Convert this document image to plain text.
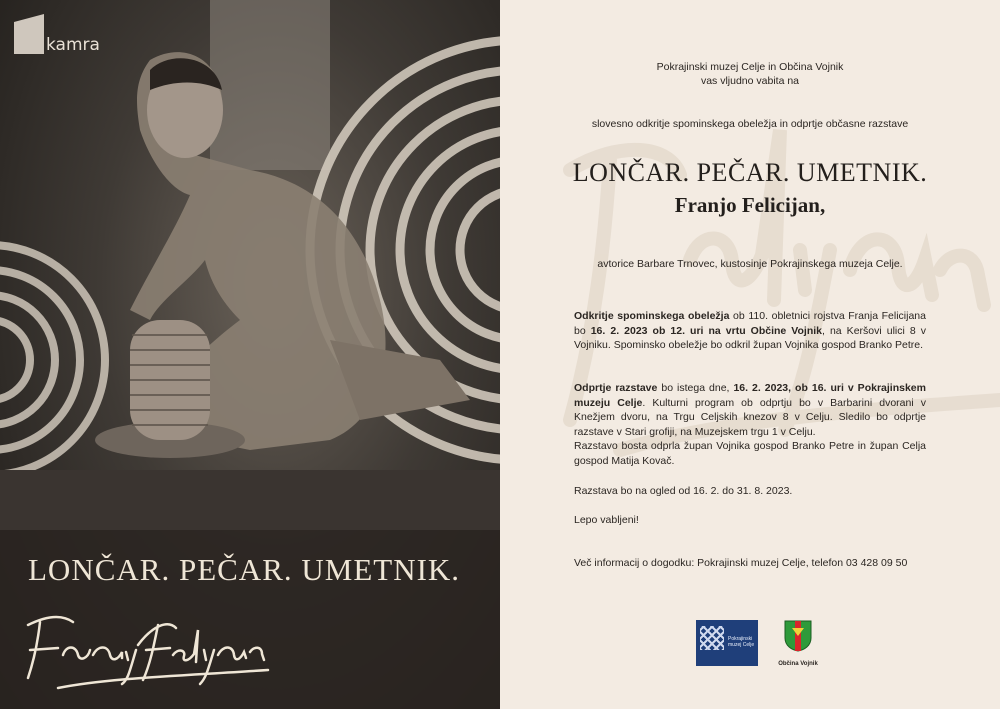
kamra
LONČAR. PEČAR. UMETNIK.
Pokrajinski muzej Celje in Občina Vojnik
vas vljudno vabita na
slovesno odkritje spominskega obeležja in odprtje občasne razstave
LONČAR. PEČAR. UMETNIK.
Franjo Felicijan,
avtorice Barbare Trnovec, kustosinje Pokrajinskega muzeja Celje.
Odkritje spominskega obeležja ob 110. obletnici rojstva Franja Felicijana bo 16. 2. 2023 ob 12. uri na vrtu Občine Vojnik, na Keršovi ulici 8 v Vojniku. Spominsko obeležje bo odkril župan Vojnika gospod Branko Petre.
Odprtje razstave bo istega dne, 16. 2. 2023, ob 16. uri v Pokrajinskem muzeju Celje. Kulturni program ob odprtju bo v Barbarini dvorani v Knežjem dvoru, na Trgu Celjskih knezov 8 v Celju. Sledilo bo odprtje razstave v Stari grofiji, na Muzejskem trgu 1 v Celju.
Razstavo bosta odprla župan Vojnika gospod Branko Petre in župan Celja gospod Matija Kovač.
Razstava bo na ogled od 16. 2. do 31. 8. 2023.
Lepo vabljeni!
Več informacij o dogodku: Pokrajinski muzej Celje, telefon 03 428 09 50
Pokrajinski muzej Celje
Občina Vojnik
